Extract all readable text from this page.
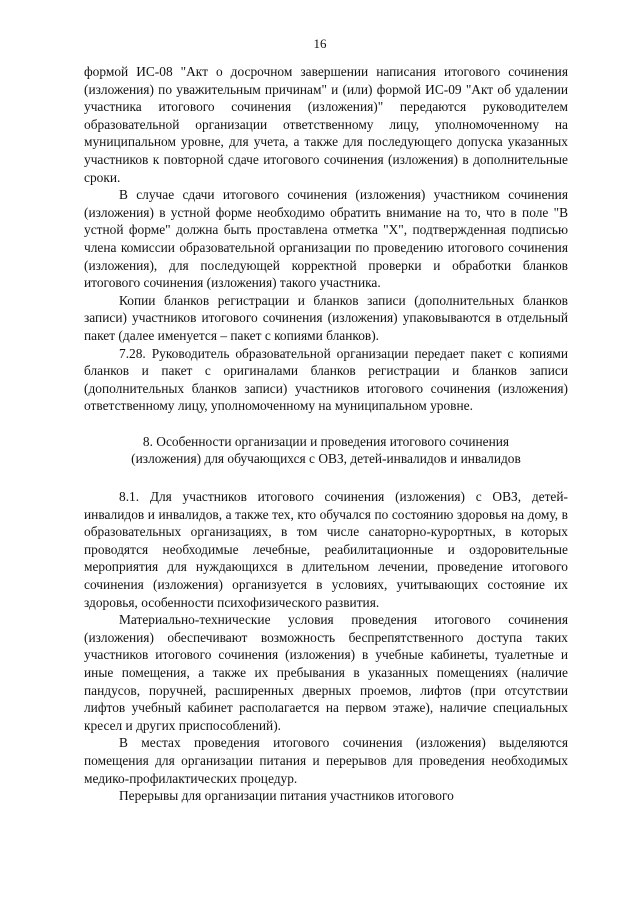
16

формой ИС-08 "Акт о досрочном завершении написания итогового сочинения (изложения) по уважительным причинам" и (или) формой ИС-09 "Акт об удалении участника итогового сочинения (изложения)" передаются руководителем образовательной организации ответственному лицу, уполномоченному на муниципальном уровне, для учета, а также для последующего допуска указанных участников к повторной сдаче итогового сочинения (изложения) в дополнительные сроки.

В случае сдачи итогового сочинения (изложения) участником сочинения (изложения) в устной форме необходимо обратить внимание на то, что в поле "В устной форме" должна быть проставлена отметка "X", подтвержденная подписью члена комиссии образовательной организации по проведению итогового сочинения (изложения), для последующей корректной проверки и обработки бланков итогового сочинения (изложения) такого участника.

Копии бланков регистрации и бланков записи (дополнительных бланков записи) участников итогового сочинения (изложения) упаковываются в отдельный пакет (далее именуется – пакет с копиями бланков).

7.28. Руководитель образовательной организации передает пакет с копиями бланков и пакет с оригиналами бланков регистрации и бланков записи (дополнительных бланков записи) участников итогового сочинения (изложения) ответственному лицу, уполномоченному на муниципальном уровне.

8. Особенности организации и проведения итогового сочинения
(изложения) для обучающихся с ОВЗ, детей-инвалидов и инвалидов

8.1. Для участников итогового сочинения (изложения) с ОВЗ, детей-инвалидов и инвалидов, а также тех, кто обучался по состоянию здоровья на дому, в образовательных организациях, в том числе санаторно-курортных, в которых проводятся необходимые лечебные, реабилитационные и оздоровительные мероприятия для нуждающихся в длительном лечении, проведение итогового сочинения (изложения) организуется в условиях, учитывающих состояние их здоровья, особенности психофизического развития.

Материально-технические условия проведения итогового сочинения (изложения) обеспечивают возможность беспрепятственного доступа таких участников итогового сочинения (изложения) в учебные кабинеты, туалетные и иные помещения, а также их пребывания в указанных помещениях (наличие пандусов, поручней, расширенных дверных проемов, лифтов (при отсутствии лифтов учебный кабинет располагается на первом этаже), наличие специальных кресел и других приспособлений).

В местах проведения итогового сочинения (изложения) выделяются помещения для организации питания и перерывов для проведения необходимых медико-профилактических процедур.

Перерывы для организации питания участников итогового
